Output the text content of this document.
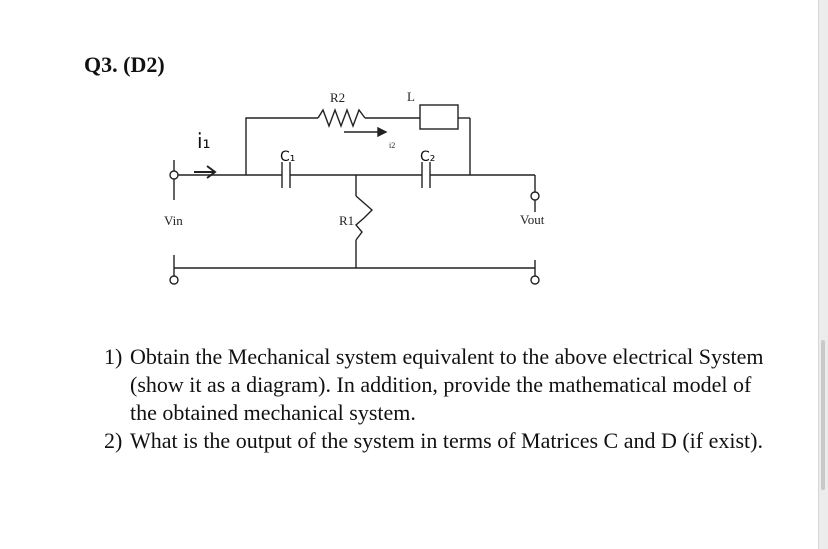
Q3. (D2)
R2	L
i2
Vin	R1	Vout
i̇₁
C₁	C₂
1) Obtain the Mechanical system equivalent to the above electrical System (show it as a diagram). In addition, provide the mathematical model of the obtained mechanical system.
2) What is the output of the system in terms of Matrices C and D (if exist).
